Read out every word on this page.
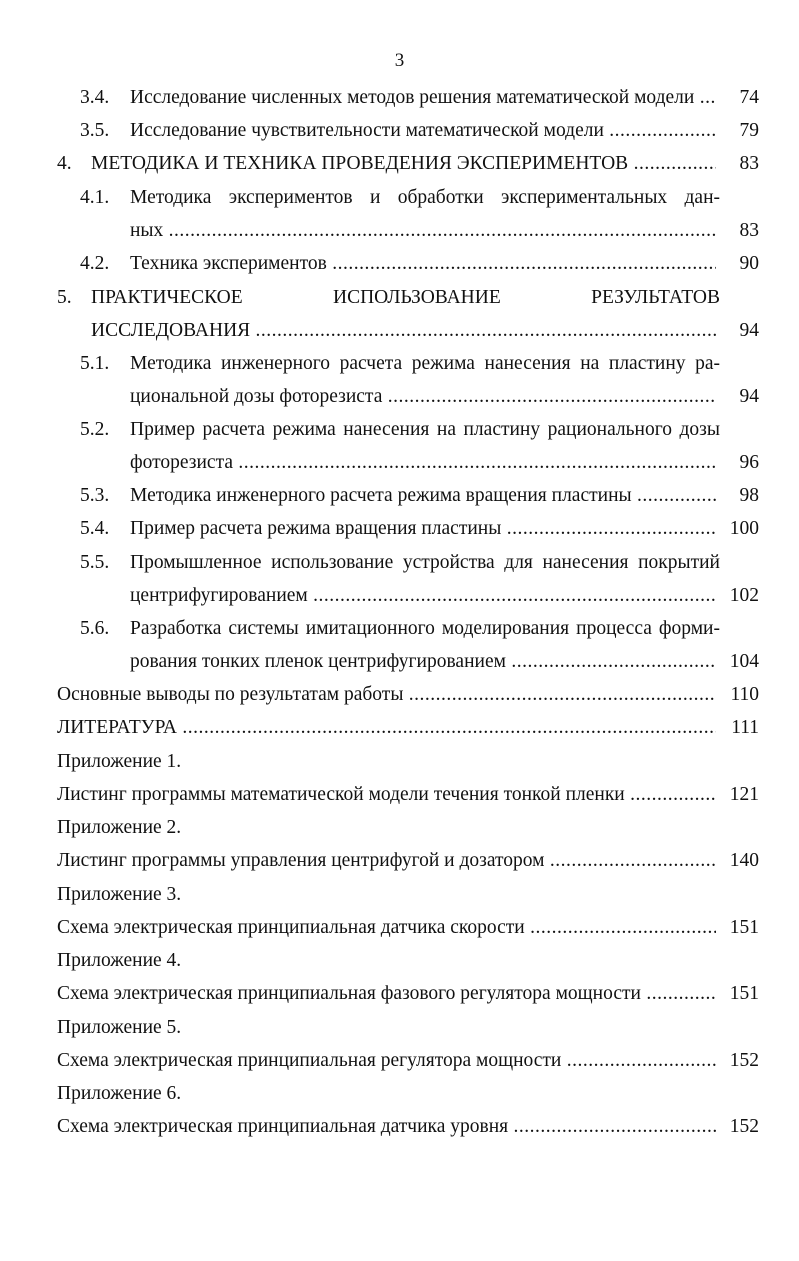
3
3.4. Исследование численных методов решения математической модели .....	74
3.5. Исследование чувствительности математической модели .....	79
4. МЕТОДИКА И ТЕХНИКА ПРОВЕДЕНИЯ ЭКСПЕРИМЕНТОВ .....	83
4.1. Методика экспериментов и обработки экспериментальных дан-
ных .....	83
4.2. Техника экспериментов .....	90
5. ПРАКТИЧЕСКОЕ ИСПОЛЬЗОВАНИЕ РЕЗУЛЬТАТОВ
ИССЛЕДОВАНИЯ .....	94
5.1. Методика инженерного расчета режима нанесения на пластину ра-
циональной дозы фоторезиста .....	94
5.2. Пример расчета режима нанесения на пластину рационального дозы
фоторезиста .....	96
5.3. Методика инженерного расчета режима вращения пластины .....	98
5.4. Пример расчета режима вращения пластины .....	100
5.5. Промышленное использование устройства для нанесения покрытий
центрифугированием .....	102
5.6. Разработка системы имитационного моделирования процесса форми-
рования тонких пленок центрифугированием .....	104
Основные выводы по результатам работы .....	110
ЛИТЕРАТУРА .....	111
Приложение 1.
Листинг программы математической модели течения тонкой пленки .....	121
Приложение 2.
Листинг программы управления центрифугой и дозатором .....	140
Приложение 3.
Схема электрическая принципиальная датчика скорости .....	151
Приложение 4.
Схема электрическая принципиальная фазового регулятора мощности .....	151
Приложение 5.
Схема электрическая принципиальная регулятора мощности .....	152
Приложение 6.
Схема электрическая принципиальная датчика уровня .....	152
